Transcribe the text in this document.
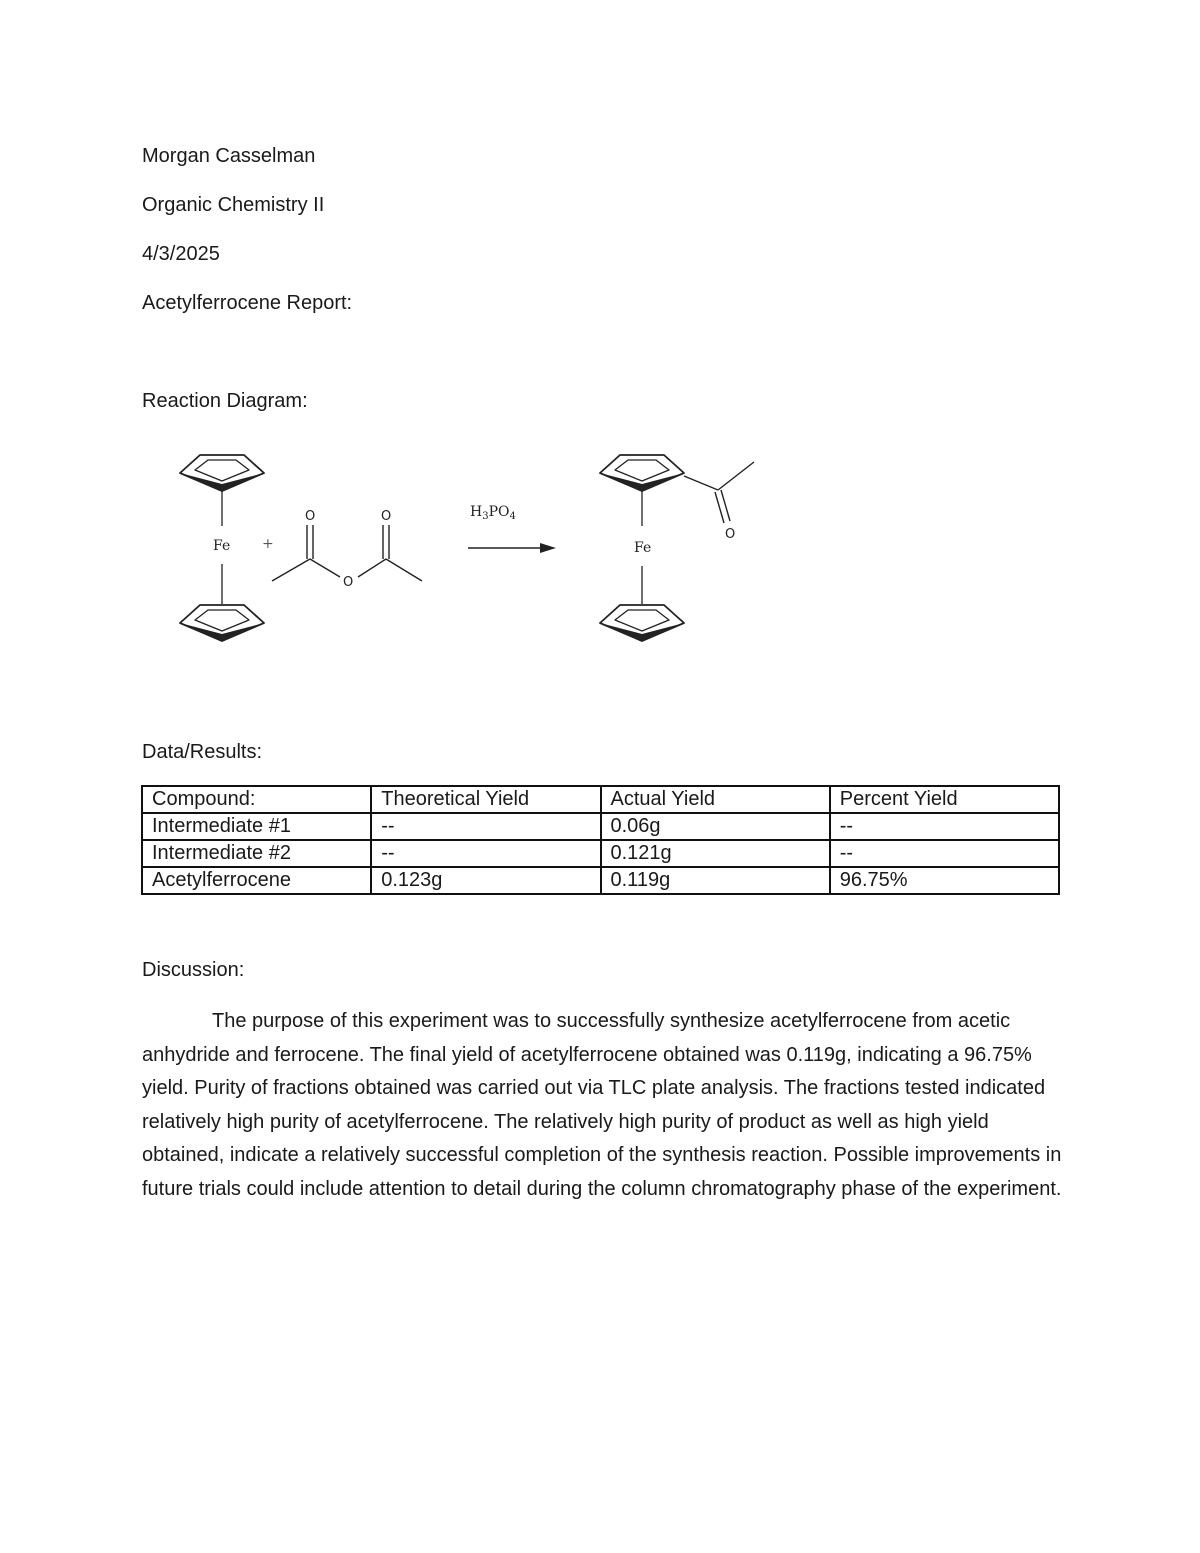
Morgan Casselman
Organic Chemistry II
4/3/2025
Acetylferrocene Report:
Reaction Diagram:
Fe +
O	O
O
$H_3PO_4$
Fe
O
Data/Results:
Compound:	Theoretical Yield	Actual Yield	Percent Yield
Intermediate #1	--	0.06g	--
Intermediate #2	--	0.121g	--
Acetylferrocene	0.123g	0.119g	96.75%
Discussion:

The purpose of this experiment was to successfully synthesize acetylferrocene from acetic anhydride and ferrocene. The final yield of acetylferrocene obtained was 0.119g, indicating a 96.75% yield. Purity of fractions obtained was carried out via TLC plate analysis. The fractions tested indicated relatively high purity of acetylferrocene. The relatively high purity of product as well as high yield obtained, indicate a relatively successful completion of the synthesis reaction. Possible improvements in future trials could include attention to detail during the column chromatography phase of the experiment.
